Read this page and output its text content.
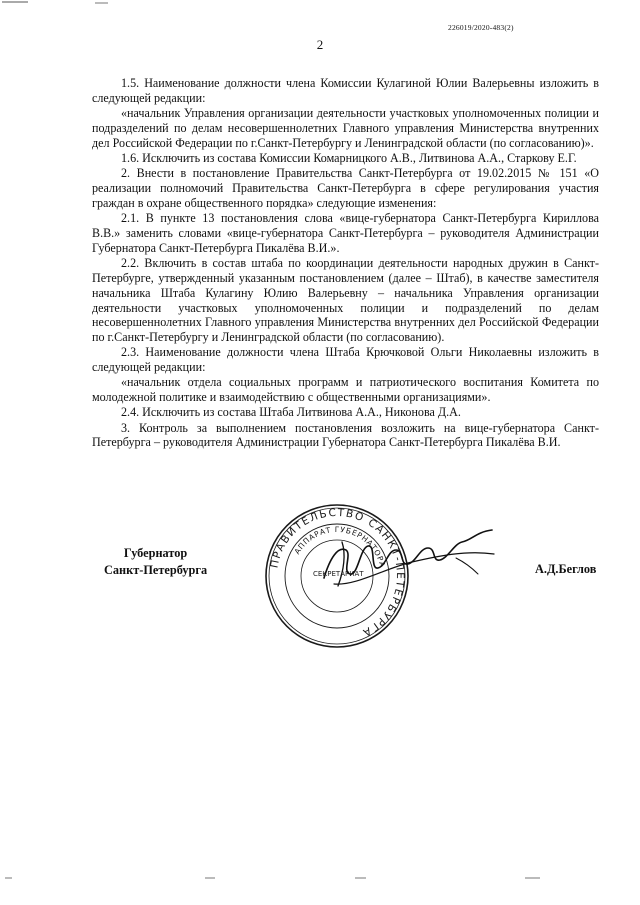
226019/2020-483(2)
2

1.5. Наименование должности члена Комиссии Кулагиной Юлии Валерьевны изложить в следующей редакции:

«начальник Управления организации деятельности участковых уполномоченных полиции и подразделений по делам несовершеннолетних Главного управления Министерства внутренних дел Российской Федерации по г.Санкт-Петербургу и Ленинградской области (по согласованию)».

1.6. Исключить из состава Комиссии Комарницкого А.В., Литвинова А.А., Старкову Е.Г.

2. Внести в постановление Правительства Санкт-Петербурга от 19.02.2015 № 151 «О реализации полномочий Правительства Санкт-Петербурга в сфере регулирования участия граждан в охране общественного порядка» следующие изменения:

2.1. В пункте 13 постановления слова «вице-губернатора Санкт-Петербурга Кириллова В.В.» заменить словами «вице-губернатора Санкт-Петербурга – руководителя Администрации Губернатора Санкт-Петербурга Пикалёва В.И.».

2.2. Включить в состав штаба по координации деятельности народных дружин в Санкт-Петербурге, утвержденный указанным постановлением (далее – Штаб), в качестве заместителя начальника Штаба Кулагину Юлию Валерьевну – начальника Управления организации деятельности участковых уполномоченных полиции и подразделений по делам несовершеннолетних Главного управления Министерства внутренних дел Российской Федерации по г.Санкт-Петербургу и Ленинградской области (по согласованию).

2.3. Наименование должности члена Штаба Крючковой Ольги Николаевны изложить в следующей редакции:

«начальник отдела социальных программ и патриотического воспитания Комитета по молодежной политике и взаимодействию с общественными организациями».

2.4. Исключить из состава Штаба Литвинова А.А., Никонова Д.А.

3. Контроль за выполнением постановления возложить на вице-губернатора Санкт-Петербурга – руководителя Администрации Губернатора Санкт-Петербурга Пикалёва В.И.

Губернатор
Санкт-Петербурга	ПРАВИТЕЛЬСТВО САНКТ-ПЕТЕРБУРГА
АППАРАТ ГУБЕРНАТОРА
СЕКРЕТАРИАТ	А.Д.Беглов
